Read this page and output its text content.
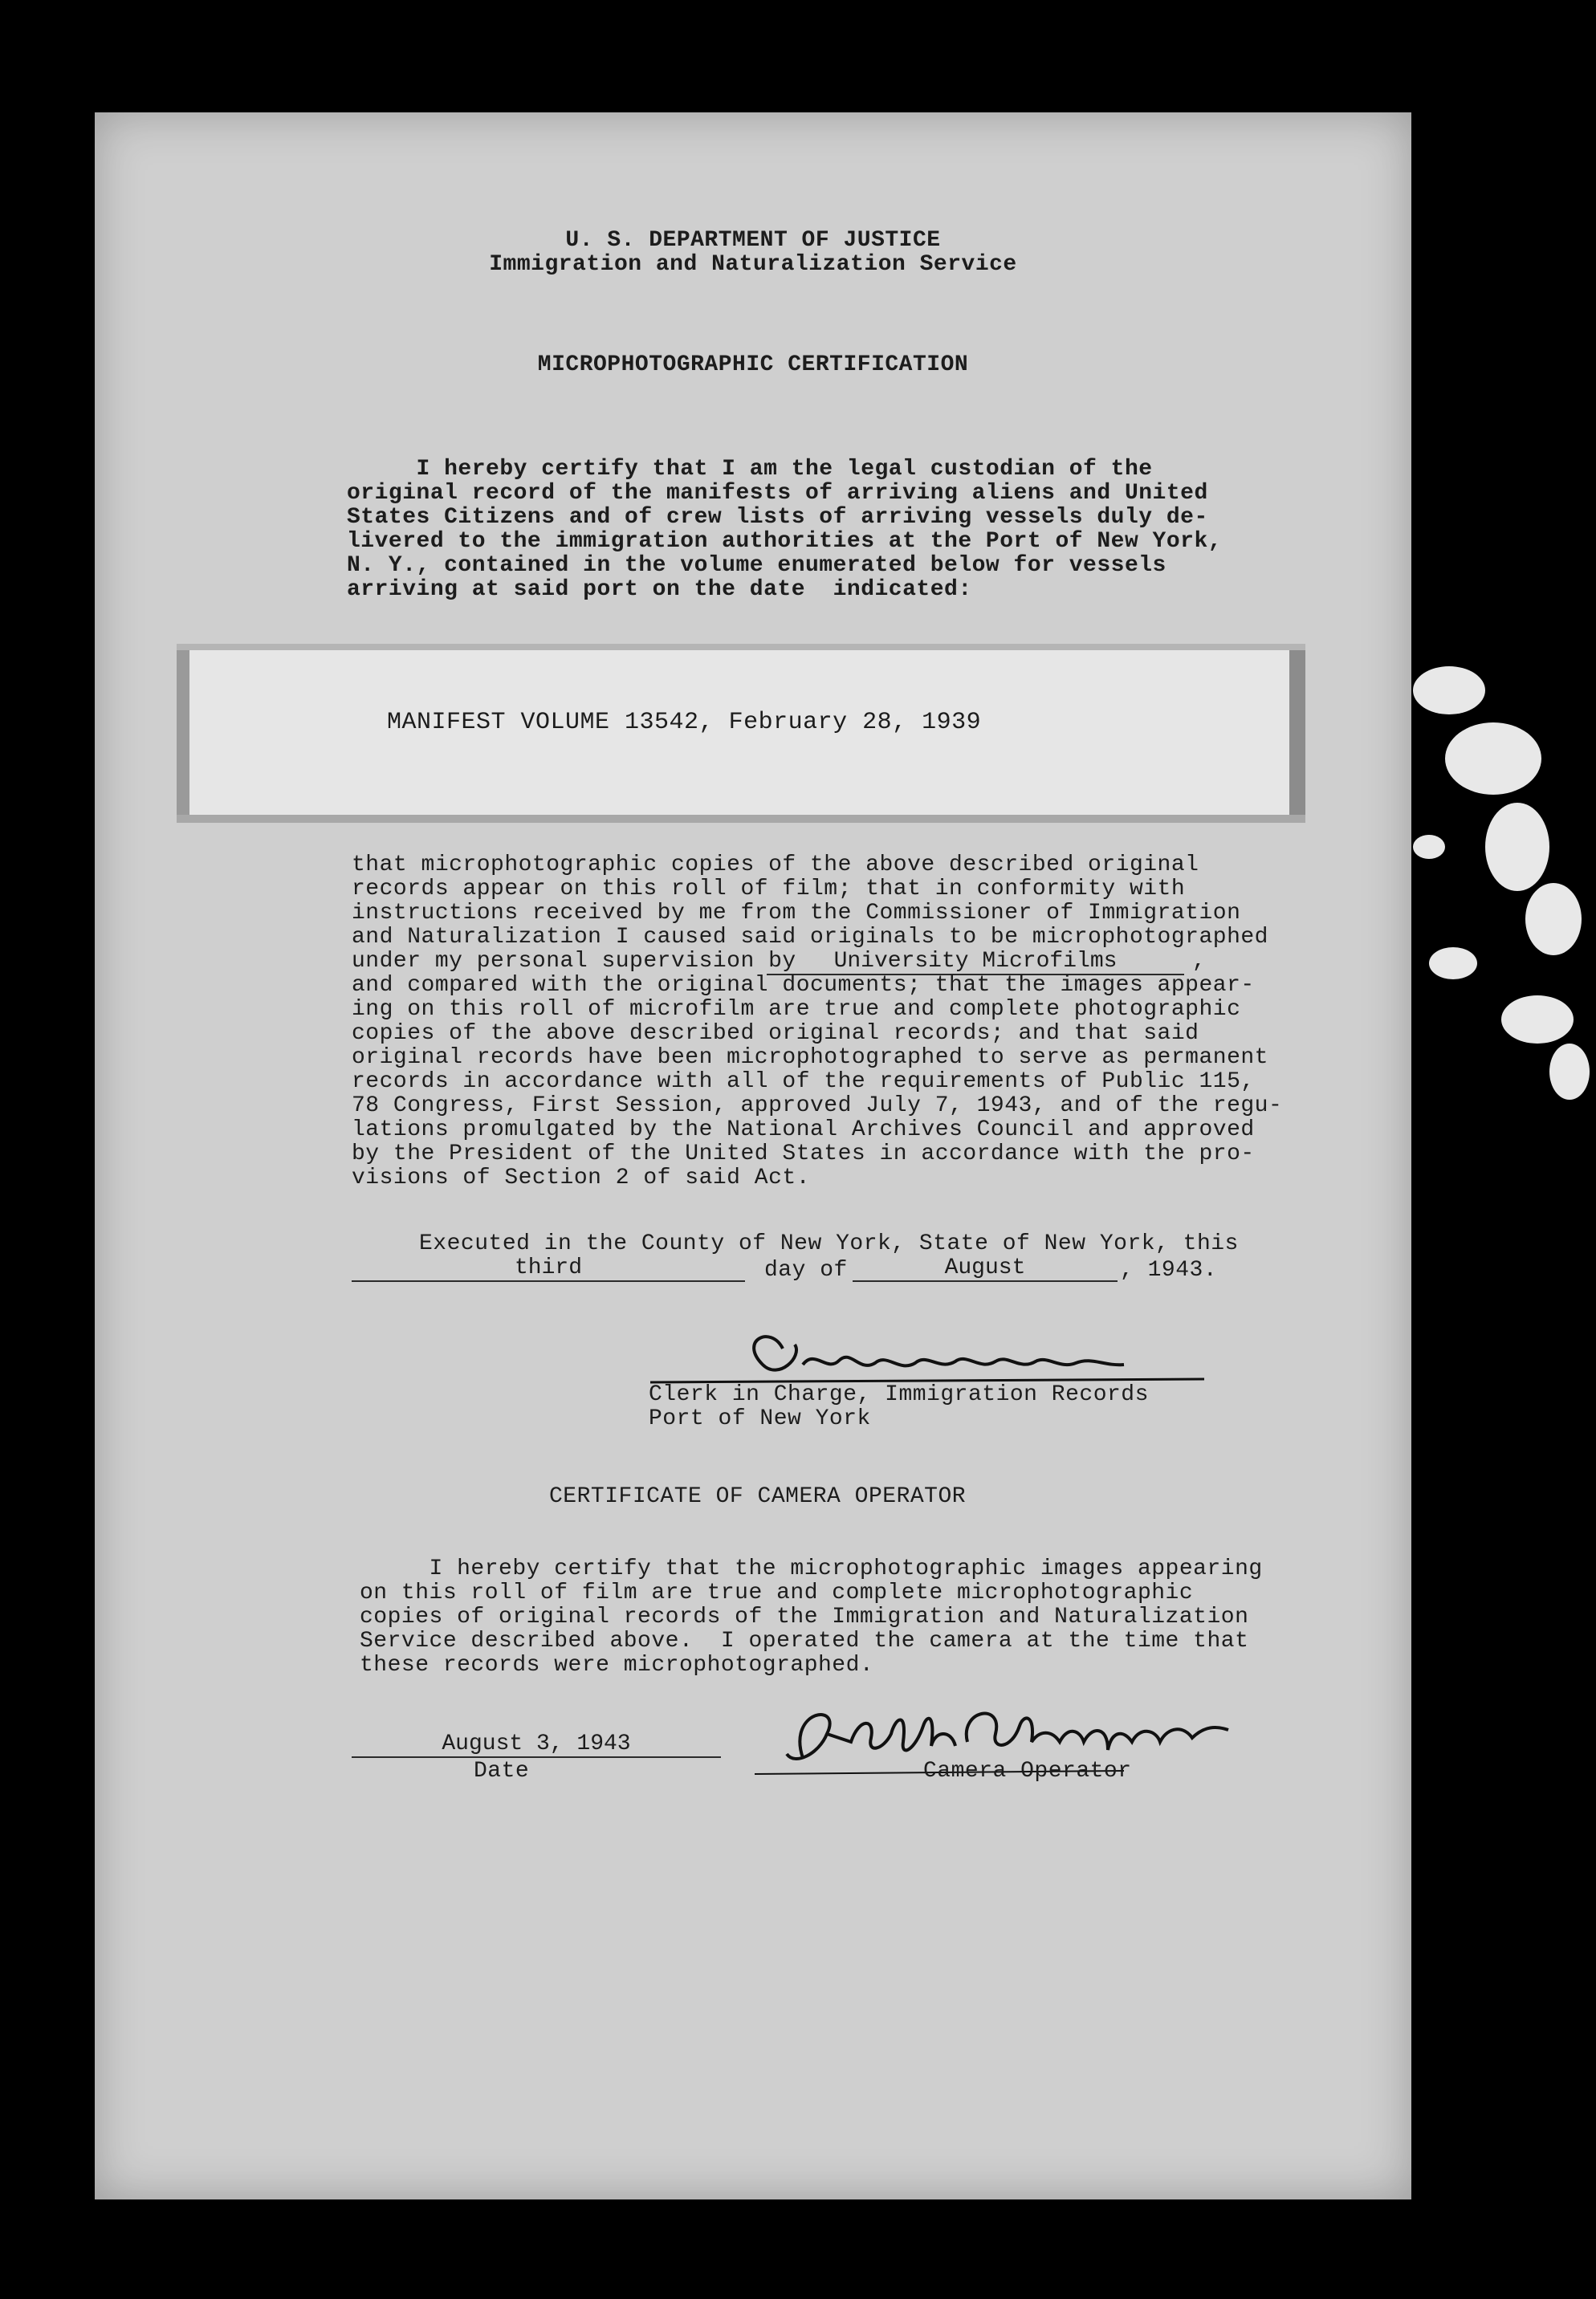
U. S. DEPARTMENT OF JUSTICE
Immigration and Naturalization Service
MICROPHOTOGRAPHIC CERTIFICATION
I hereby certify that I am the legal custodian of the
original record of the manifests of arriving aliens and United
States Citizens and of crew lists of arriving vessels duly de-
livered to the immigration authorities at the Port of New York,
N. Y., contained in the volume enumerated below for vessels
arriving at said port on the date  indicated:
MANIFEST VOLUME 13542, February 28, 1939
that microphotographic copies of the above described original
records appear on this roll of film; that in conformity with
instructions received by me from the Commissioner of Immigration
and Naturalization I caused said originals to be microphotographed
under my personal supervision by	University Microfilms	,
and compared with the original documents; that the images appear-
ing on this roll of microfilm are true and complete photographic
copies of the above described original records; and that said
original records have been microphotographed to serve as permanent
records in accordance with all of the requirements of Public 115,
78 Congress, First Session, approved July 7, 1943, and of the regu-
lations promulgated by the National Archives Council and approved
by the President of the United States in accordance with the pro-
visions of Section 2 of said Act.
Executed in the County of New York, State of New York, this
third	day of	August	, 1943.
Clerk in Charge, Immigration Records
Port of New York
CERTIFICATE OF CAMERA OPERATOR
I hereby certify that the microphotographic images appearing
on this roll of film are true and complete microphotographic
copies of original records of the Immigration and Naturalization
Service described above.  I operated the camera at the time that
these records were microphotographed.
August 3, 1943
Date	Camera Operator
